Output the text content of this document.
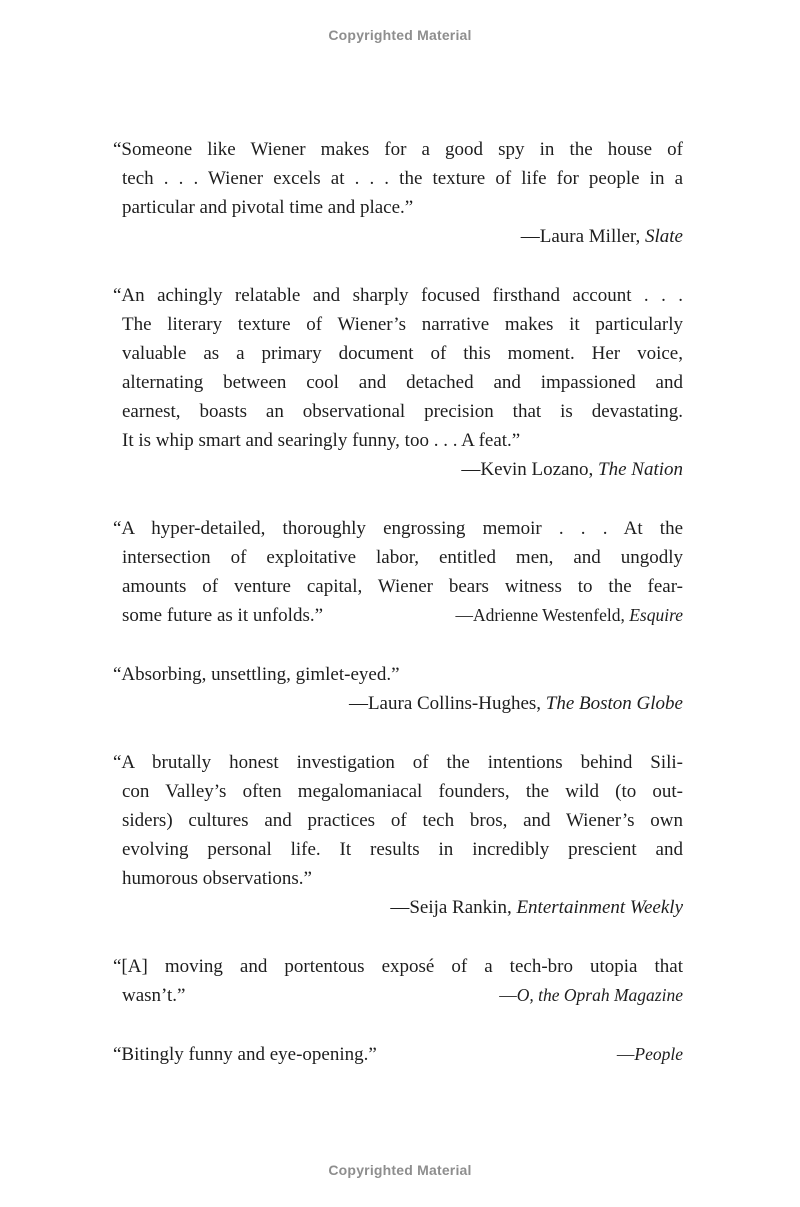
Copyrighted Material
“Someone like Wiener makes for a good spy in the house of
tech . . . Wiener excels at . . . the texture of life for people in a
particular and pivotal time and place.”
—Laura Miller, Slate
“An achingly relatable and sharply focused firsthand account . . .
The literary texture of Wiener’s narrative makes it particularly
valuable as a primary document of this moment. Her voice,
alternating between cool and detached and impassioned and
earnest, boasts an observational precision that is devastating.
It is whip smart and searingly funny, too . . . A feat.”
—Kevin Lozano, The Nation
“A hyper-detailed, thoroughly engrossing memoir . . . At the
intersection of exploitative labor, entitled men, and ungodly
amounts of venture capital, Wiener bears witness to the fear-
some future as it unfolds.”	—Adrienne Westenfeld, Esquire
“Absorbing, unsettling, gimlet-eyed.”
—Laura Collins-Hughes, The Boston Globe
“A brutally honest investigation of the intentions behind Sili-
con Valley’s often megalomaniacal founders, the wild (to out-
siders) cultures and practices of tech bros, and Wiener’s own
evolving personal life. It results in incredibly prescient and
humorous observations.”
—Seija Rankin, Entertainment Weekly
“[A] moving and portentous exposé of a tech-bro utopia that
wasn’t.”	—O, the Oprah Magazine
“Bitingly funny and eye-opening.”	—People
Copyrighted Material
